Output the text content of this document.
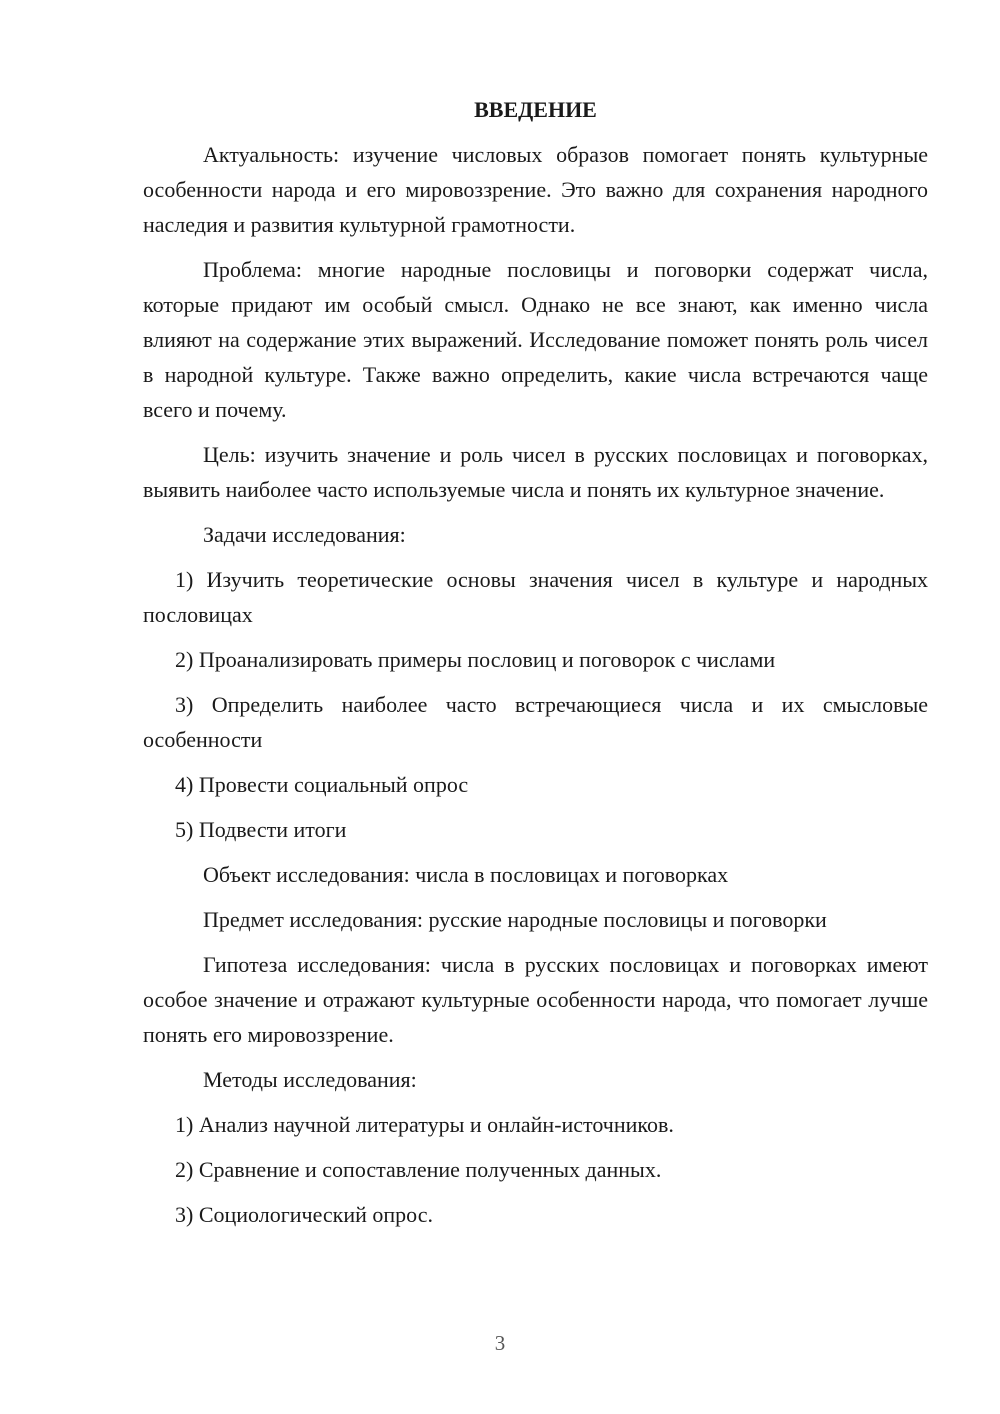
ВВЕДЕНИЕ

Актуальность: изучение числовых образов помогает понять культурные особенности народа и его мировоззрение. Это важно для сохранения народного наследия и развития культурной грамотности.

Проблема: многие народные пословицы и поговорки содержат числа, которые придают им особый смысл. Однако не все знают, как именно числа влияют на содержание этих выражений. Исследование поможет понять роль чисел в народной культуре. Также важно определить, какие числа встречаются чаще всего и почему.

Цель: изучить значение и роль чисел в русских пословицах и поговорках, выявить наиболее часто используемые числа и понять их культурное значение.

Задачи исследования:

1) Изучить теоретические основы значения чисел в культуре и народных пословицах

2) Проанализировать примеры пословиц и поговорок с числами

3) Определить наиболее часто встречающиеся числа и их смысловые особенности

4) Провести социальный опрос

5) Подвести итоги

Объект исследования: числа в пословицах и поговорках

Предмет исследования: русские народные пословицы и поговорки

Гипотеза исследования: числа в русских пословицах и поговорках имеют особое значение и отражают культурные особенности народа, что помогает лучше понять его мировоззрение.

Методы исследования:

1) Анализ научной литературы и онлайн-источников.

2) Сравнение и сопоставление полученных данных.

3) Социологический опрос.

3
